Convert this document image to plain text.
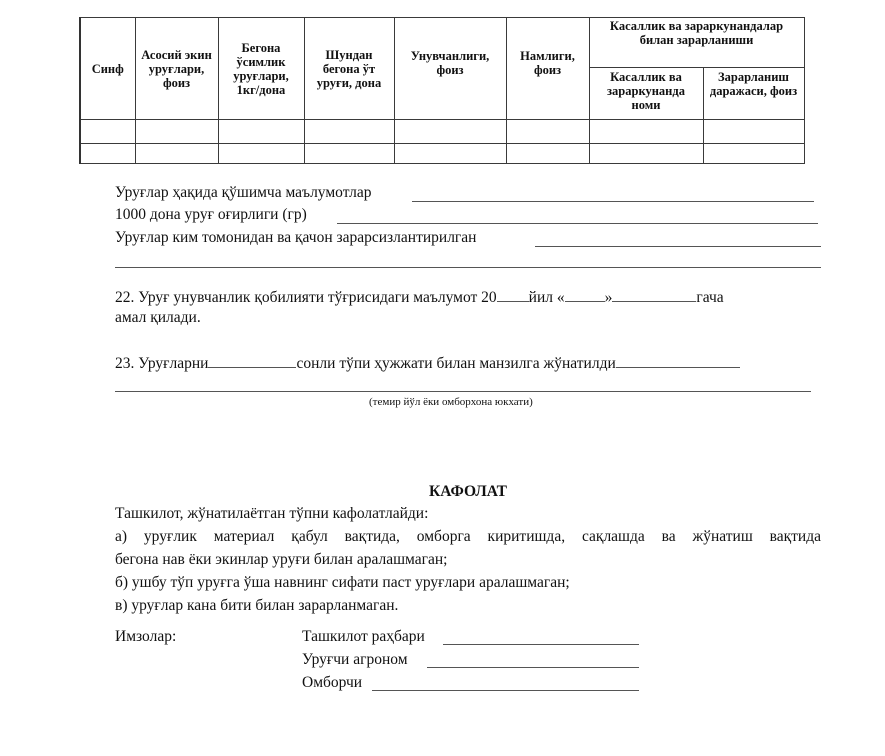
Синф	Асосий экин уруғлари, фоиз	Бегона ўсимлик уруғлари, 1кг/дона	Шундан бегона ўт уруғи, дона	Унувчанлиги, фоиз	Намлиги, фоиз	Касаллик ва зараркунандалар билан зарарланиши	
						Касаллик ва зараркунанда номи	Зарарланиш даражаси, фоиз

Уруғлар ҳақида қўшимча маълумотлар
1000 дона уруғ оғирлиги (гр)
Уруғлар ким томонидан ва қачон зарарсизлантирилган
22. Уруғ унувчанлик қобилияти тўғрисидаги маълумот 20 йил «	»	гача
амал қилади.
23. Уруғларни	сонли тўпи ҳужжати билан манзилга жўнатилди
(темир йўл ёки омборхона юкхати)
КАФОЛАТ
Ташкилот, жўнатилаётган тўпни кафолатлайди:
а) уруғлик материал қабул вақтида, омборга киритишда, сақлашда ва жўнатиш вақтида
бегона нав ёки экинлар уруғи билан аралашмаган;
б) ушбу тўп уруғга ўша навнинг сифати паст уруғлари аралашмаган;
в) уруғлар кана бити билан зарарланмаган.
Имзолар:	Ташкилот раҳбари
Уруғчи агроном
Омборчи
